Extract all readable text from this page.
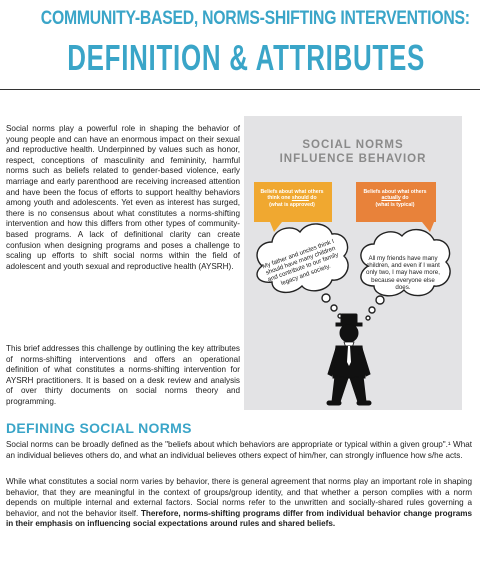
COMMUNITY-BASED, NORMS-SHIFTING INTERVENTIONS:
DEFINITION & ATTRIBUTES

Social norms play a powerful role in shaping the behavior of young people and can have an enormous impact on their sexual and reproductive health. Underpinned by values such as honor, respect, conceptions of masculinity and femininity, harmful norms such as beliefs related to gender-based violence, early marriage and early parenthood are receiving increased attention and have been the focus of efforts to support healthy behaviors among youth and adolescents. Yet even as interest has surged, there is no consensus about what constitutes a norms-shifting intervention and how this differs from other types of community-based programs. A lack of definitional clarity can create confusion when designing programs and poses a challenge to scaling up efforts to shift social norms within the field of adolescent and youth sexual and reproductive health (AYSRH).

This brief addresses this challenge by outlining the key attributes of norms-shifting interventions and offers an operational definition of what constitutes a norms-shifting intervention for AYSRH practitioners. It is based on a desk review and analysis of over thirty documents on social norms theory and programming.

SOCIAL NORMS
INFLUENCE BEHAVIOR
Beliefs about what others
think one should do
(what is approved)
Beliefs about what others
actually do
(what is typical)
My father and uncles think I should have many children and contribute to our family legacy and society.
All my friends have many children, and even if I want only two, I may have more, because everyone else does.
DEFINING SOCIAL NORMS

Social norms can be broadly defined as the "beliefs about which behaviors are appropriate or typical within a given group".¹ What an individual believes others do, and what an individual believes others expect of him/her, can strongly influence how s/he acts.

While what constitutes a social norm varies by behavior, there is general agreement that norms play an important role in shaping behavior, that they are meaningful in the context of groups/group identity, and that whether a person complies with a norm depends on multiple internal and external factors. Social norms refer to the unwritten and socially-shared rules governing a behavior, and not the behavior itself. Therefore, norms-shifting programs differ from individual behavior change programs in their emphasis on influencing social expectations around rules and shared beliefs.
